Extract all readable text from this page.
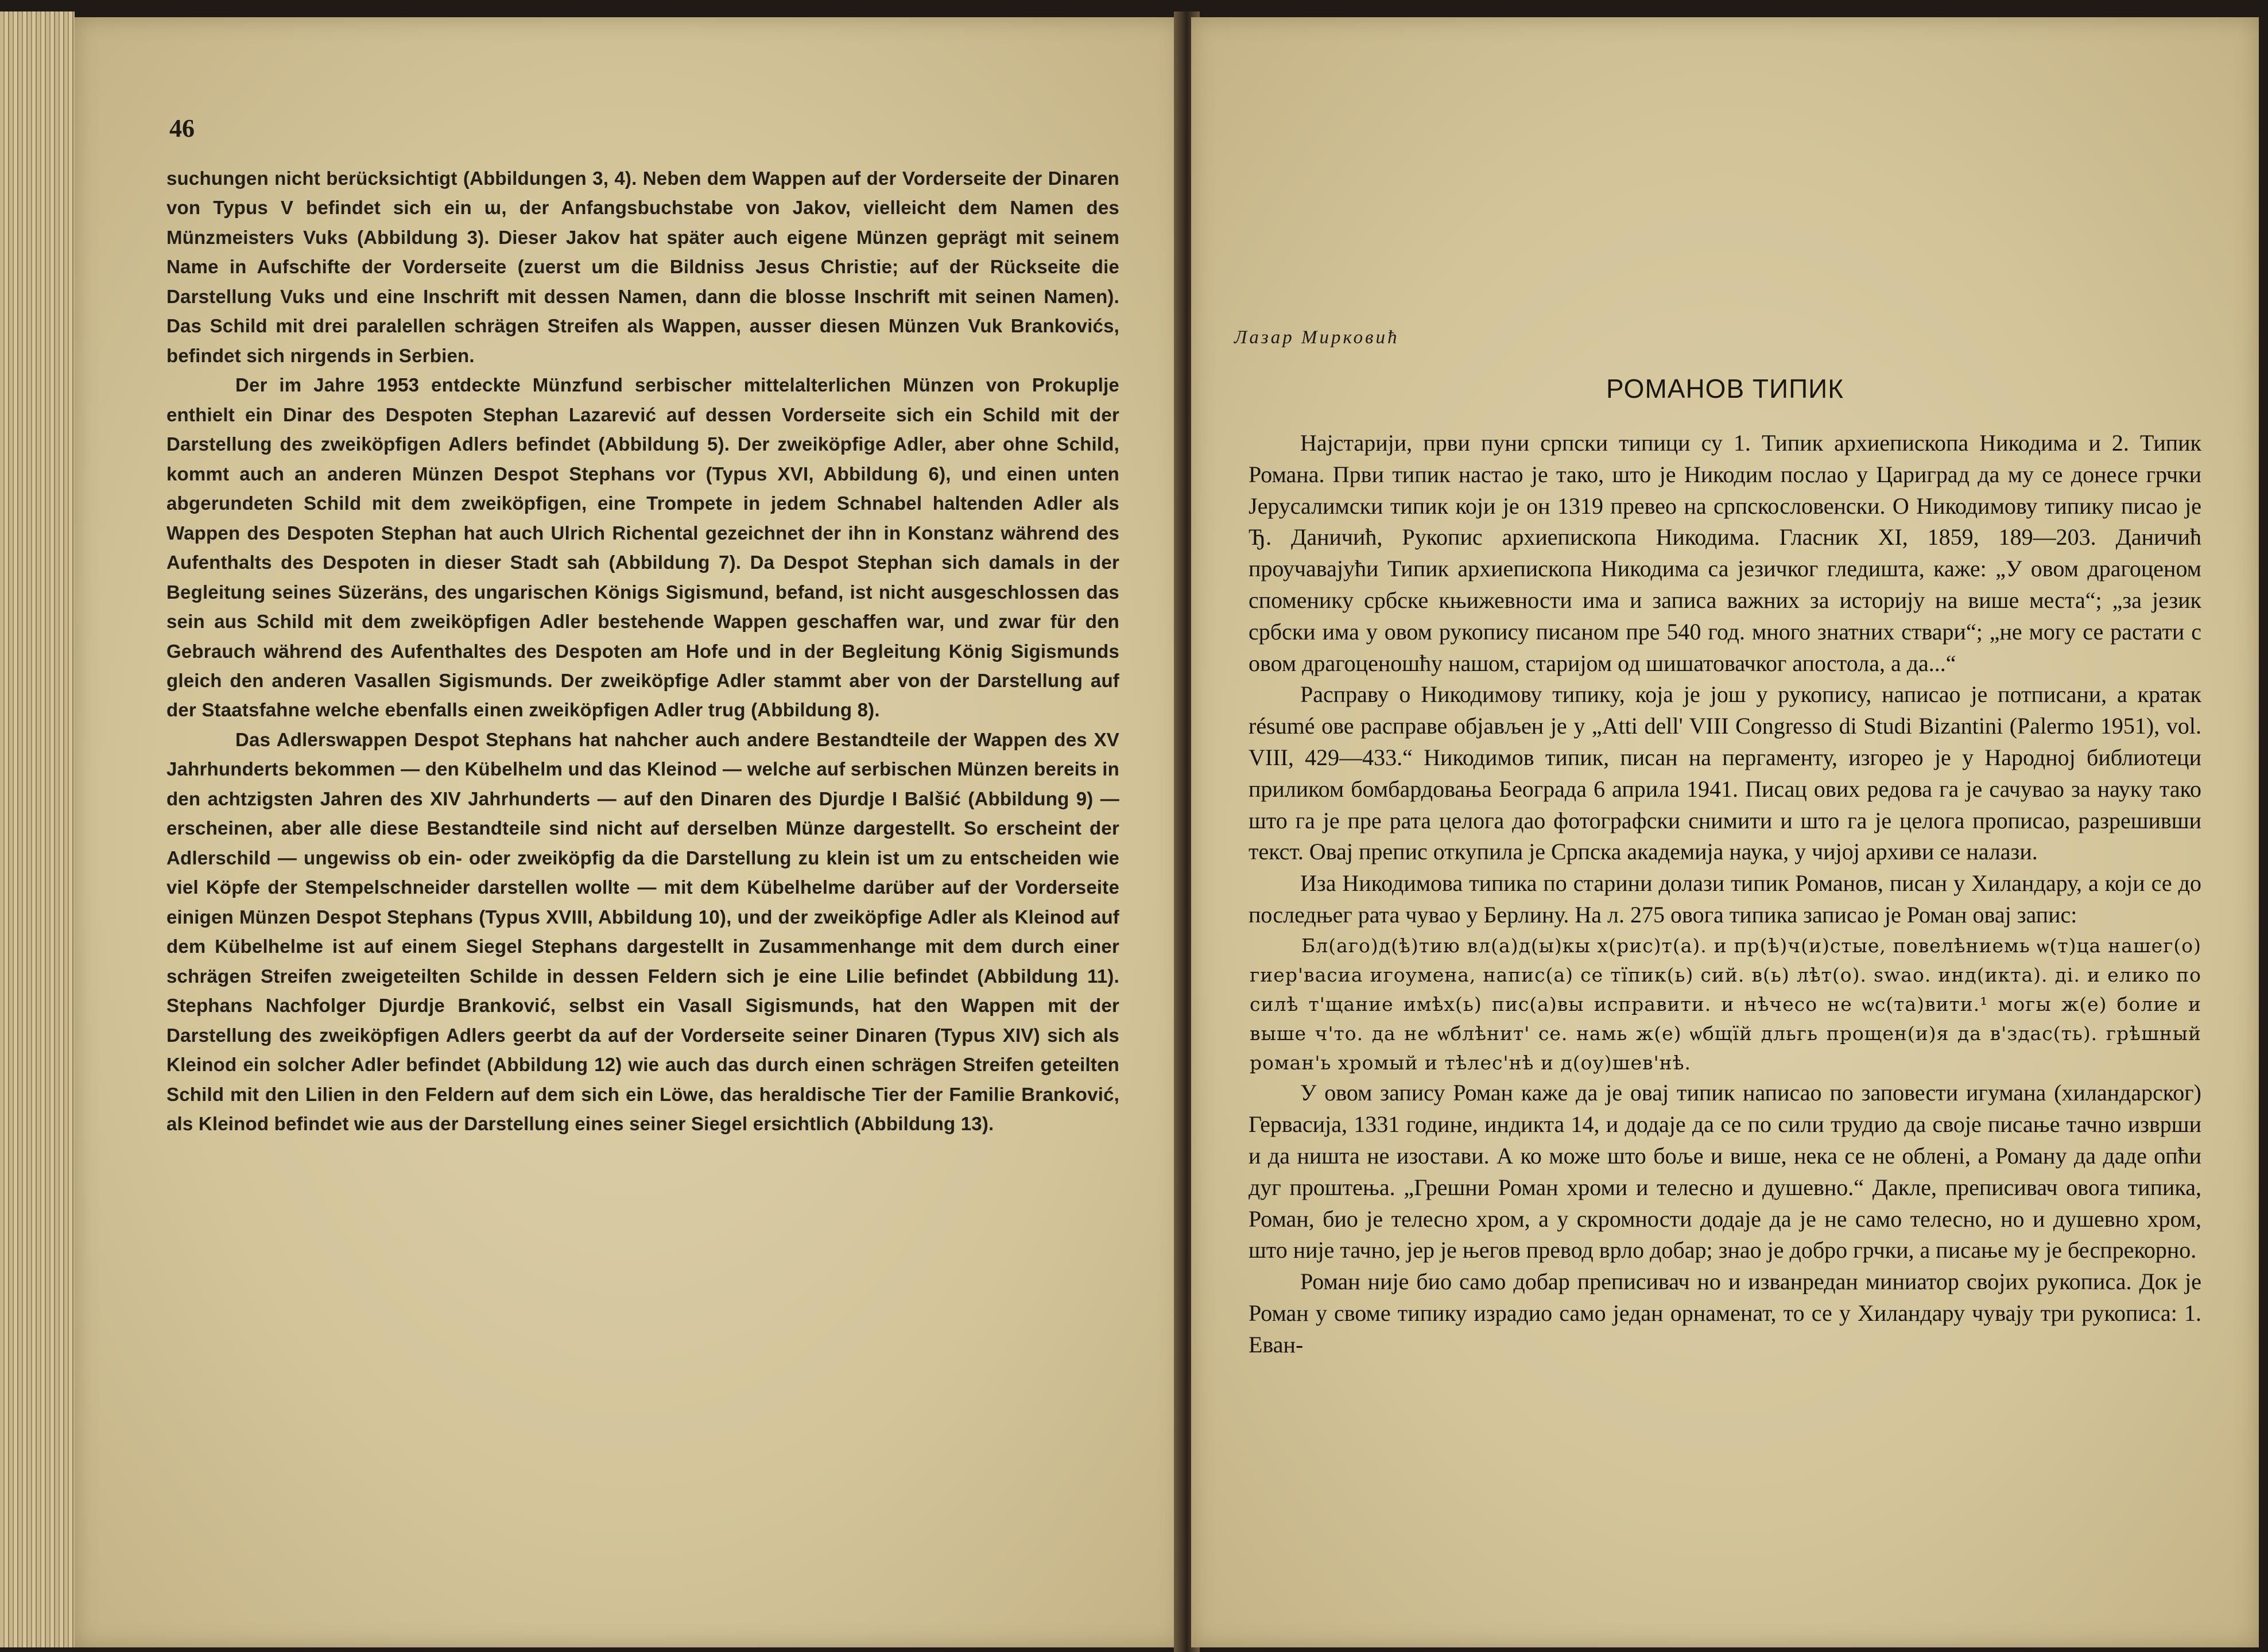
46

suchungen nicht berücksichtigt (Abbildungen 3, 4). Neben dem Wappen auf der Vorderseite der Dinaren von Typus V befindet sich ein ɯ, der Anfangsbuchstabe von Jakov, vielleicht dem Namen des Münzmeisters Vuks (Abbildung 3). Dieser Jakov hat später auch eigene Münzen geprägt mit seinem Name in Aufschifte der Vorderseite (zuerst um die Bildniss Jesus Christie; auf der Rückseite die Darstellung Vuks und eine Inschrift mit dessen Namen, dann die blosse Inschrift mit seinen Namen). Das Schild mit drei paralellen schrägen Streifen als Wappen, ausser diesen Münzen Vuk Brankovićs, befindet sich nirgends in Serbien.

Der im Jahre 1953 entdeckte Münzfund serbischer mittelalterlichen Münzen von Prokuplje enthielt ein Dinar des Despoten Stephan Lazarević auf dessen Vorderseite sich ein Schild mit der Darstellung des zweiköpfigen Adlers befindet (Abbildung 5). Der zweiköpfige Adler, aber ohne Schild, kommt auch an anderen Münzen Despot Stephans vor (Typus XVI, Abbildung 6), und einen unten abgerundeten Schild mit dem zweiköpfigen, eine Trompete in jedem Schnabel haltenden Adler als Wappen des Despoten Stephan hat auch Ulrich Richental gezeichnet der ihn in Konstanz während des Aufenthalts des Despoten in dieser Stadt sah (Abbildung 7). Da Despot Stephan sich damals in der Begleitung seines Süzeräns, des ungarischen Königs Sigismund, befand, ist nicht ausgeschlossen das sein aus Schild mit dem zweiköpfigen Adler bestehende Wappen geschaffen war, und zwar für den Gebrauch während des Aufenthaltes des Despoten am Hofe und in der Begleitung König Sigismunds gleich den anderen Vasallen Sigismunds. Der zweiköpfige Adler stammt aber von der Darstellung auf der Staatsfahne welche ebenfalls einen zweiköpfigen Adler trug (Abbildung 8).

Das Adlerswappen Despot Stephans hat nahcher auch andere Bestandteile der Wappen des XV Jahrhunderts bekommen — den Kübelhelm und das Kleinod — welche auf serbischen Münzen bereits in den achtzigsten Jahren des XIV Jahrhunderts — auf den Dinaren des Djurdje I Balšić (Abbildung 9) — erscheinen, aber alle diese Bestandteile sind nicht auf derselben Münze dargestellt. So erscheint der Adlerschild — ungewiss ob ein- oder zweiköpfig da die Darstellung zu klein ist um zu entscheiden wie viel Köpfe der Stempelschneider darstellen wollte — mit dem Kübelhelme darüber auf der Vorderseite einigen Münzen Despot Stephans (Typus XVIII, Abbildung 10), und der zweiköpfige Adler als Kleinod auf dem Kübelhelme ist auf einem Siegel Stephans dargestellt in Zusammenhange mit dem durch einer schrägen Streifen zweigeteilten Schilde in dessen Feldern sich je eine Lilie befindet (Abbildung 11). Stephans Nachfolger Djurdje Branković, selbst ein Vasall Sigismunds, hat den Wappen mit der Darstellung des zweiköpfigen Adlers geerbt da auf der Vorderseite seiner Dinaren (Typus XIV) sich als Kleinod ein solcher Adler befindet (Abbildung 12) wie auch das durch einen schrägen Streifen geteilten Schild mit den Lilien in den Feldern auf dem sich ein Löwe, das heraldische Tier der Familie Branković, als Kleinod befindet wie aus der Darstellung eines seiner Siegel ersichtlich (Abbildung 13).

Лазар Мирковић
РОМАНОВ ТИПИК

Најстарији, први пуни српски типици су 1. Типик архиепископа Никодима и 2. Типик Романа. Први типик настао је тако, што је Никодим послао у Цариград да му се донесе грчки Јерусалимски типик који је он 1319 превео на српскословенски. О Никодимову типику писао је Ђ. Даничић, Рукопис архиепископа Никодима. Гласник XI, 1859, 189—203. Даничић проучавајући Типик архиепископа Никодима са језичког гледишта, каже: „У овом драгоценом споменику србске књижевности има и записа важних за историју на више места“; „за језик србски има у овом рукопису писаном пре 540 год. много знатних ствари“; „не могу се растати с овом драгоценошћу нашом, старијом од шишатовачког апостола, а да...“

Расправу о Никодимову типику, која је још у рукопису, написао је потписани, а кратак résumé ове расправе објављен је у „Atti dell' VIII Congresso di Studi Bizantini (Palermo 1951), vol. VIII, 429—433.“ Никодимов типик, писан на пергаменту, изгорео је у Народној библиотеци приликом бомбардовања Београда 6 априла 1941. Писац ових редова га је сачувао за науку тако што га је пре рата целога дао фотографски снимити и што га је целога прописао, разрешивши текст. Овај препис откупила је Српска академија наука, у чијој архиви се налази.

Иза Никодимова типика по старини долази типик Романов, писан у Хиландару, а који се до последњег рата чувао у Берлину. На л. 275 овога типика записао је Роман овај запис:

Бл(аго)д(ѣ)тию вл(а)д(ы)кы х(рис)т(а). и пр(ѣ)ч(и)стые, повелѣниемь ѡ(т)ца нашег(о) гиер'васиа игоумена, напис(а) се тїпик(ь) сий. в(ь) лѣт(о). ѕwао. инд(икта). ді. и елико по силѣ т'щание имѣх(ь) пис(а)вы исправити. и нѣчесо не ѡс(та)вити.¹ могы ж(е) болие и выше ч'то. да не ѡблѣнит' се. намь ж(е) ѡбщїй дльгь прощен(и)я да в'здас(ть). грѣшный роман'ь хромый и тѣлес'нѣ и д(оу)шев'нѣ.

У овом запису Роман каже да је овај типик написао по заповести игумана (хиландарског) Гервасија, 1331 године, индикта 14, и додаје да се по сили трудио да своје писање тачно изврши и да ништа не изостави. А ко може што боље и више, нека се не обленi, а Роману да даде опћи дуг проштења. „Грешни Роман хроми и телесно и душевно.“ Дакле, преписивач овога типика, Роман, био је телесно хром, а у скромности додаје да је не само телесно, но и душевно хром, што није тачно, јер је његов превод врло добар; знао је добро грчки, а писање му је беспрекорно.

Роман није био само добар преписивач но и изванредан миниатор својих рукописа. Док је Роман у своме типику израдио само један орнаменат, то се у Хиландару чувају три рукописа: 1. Еван-
